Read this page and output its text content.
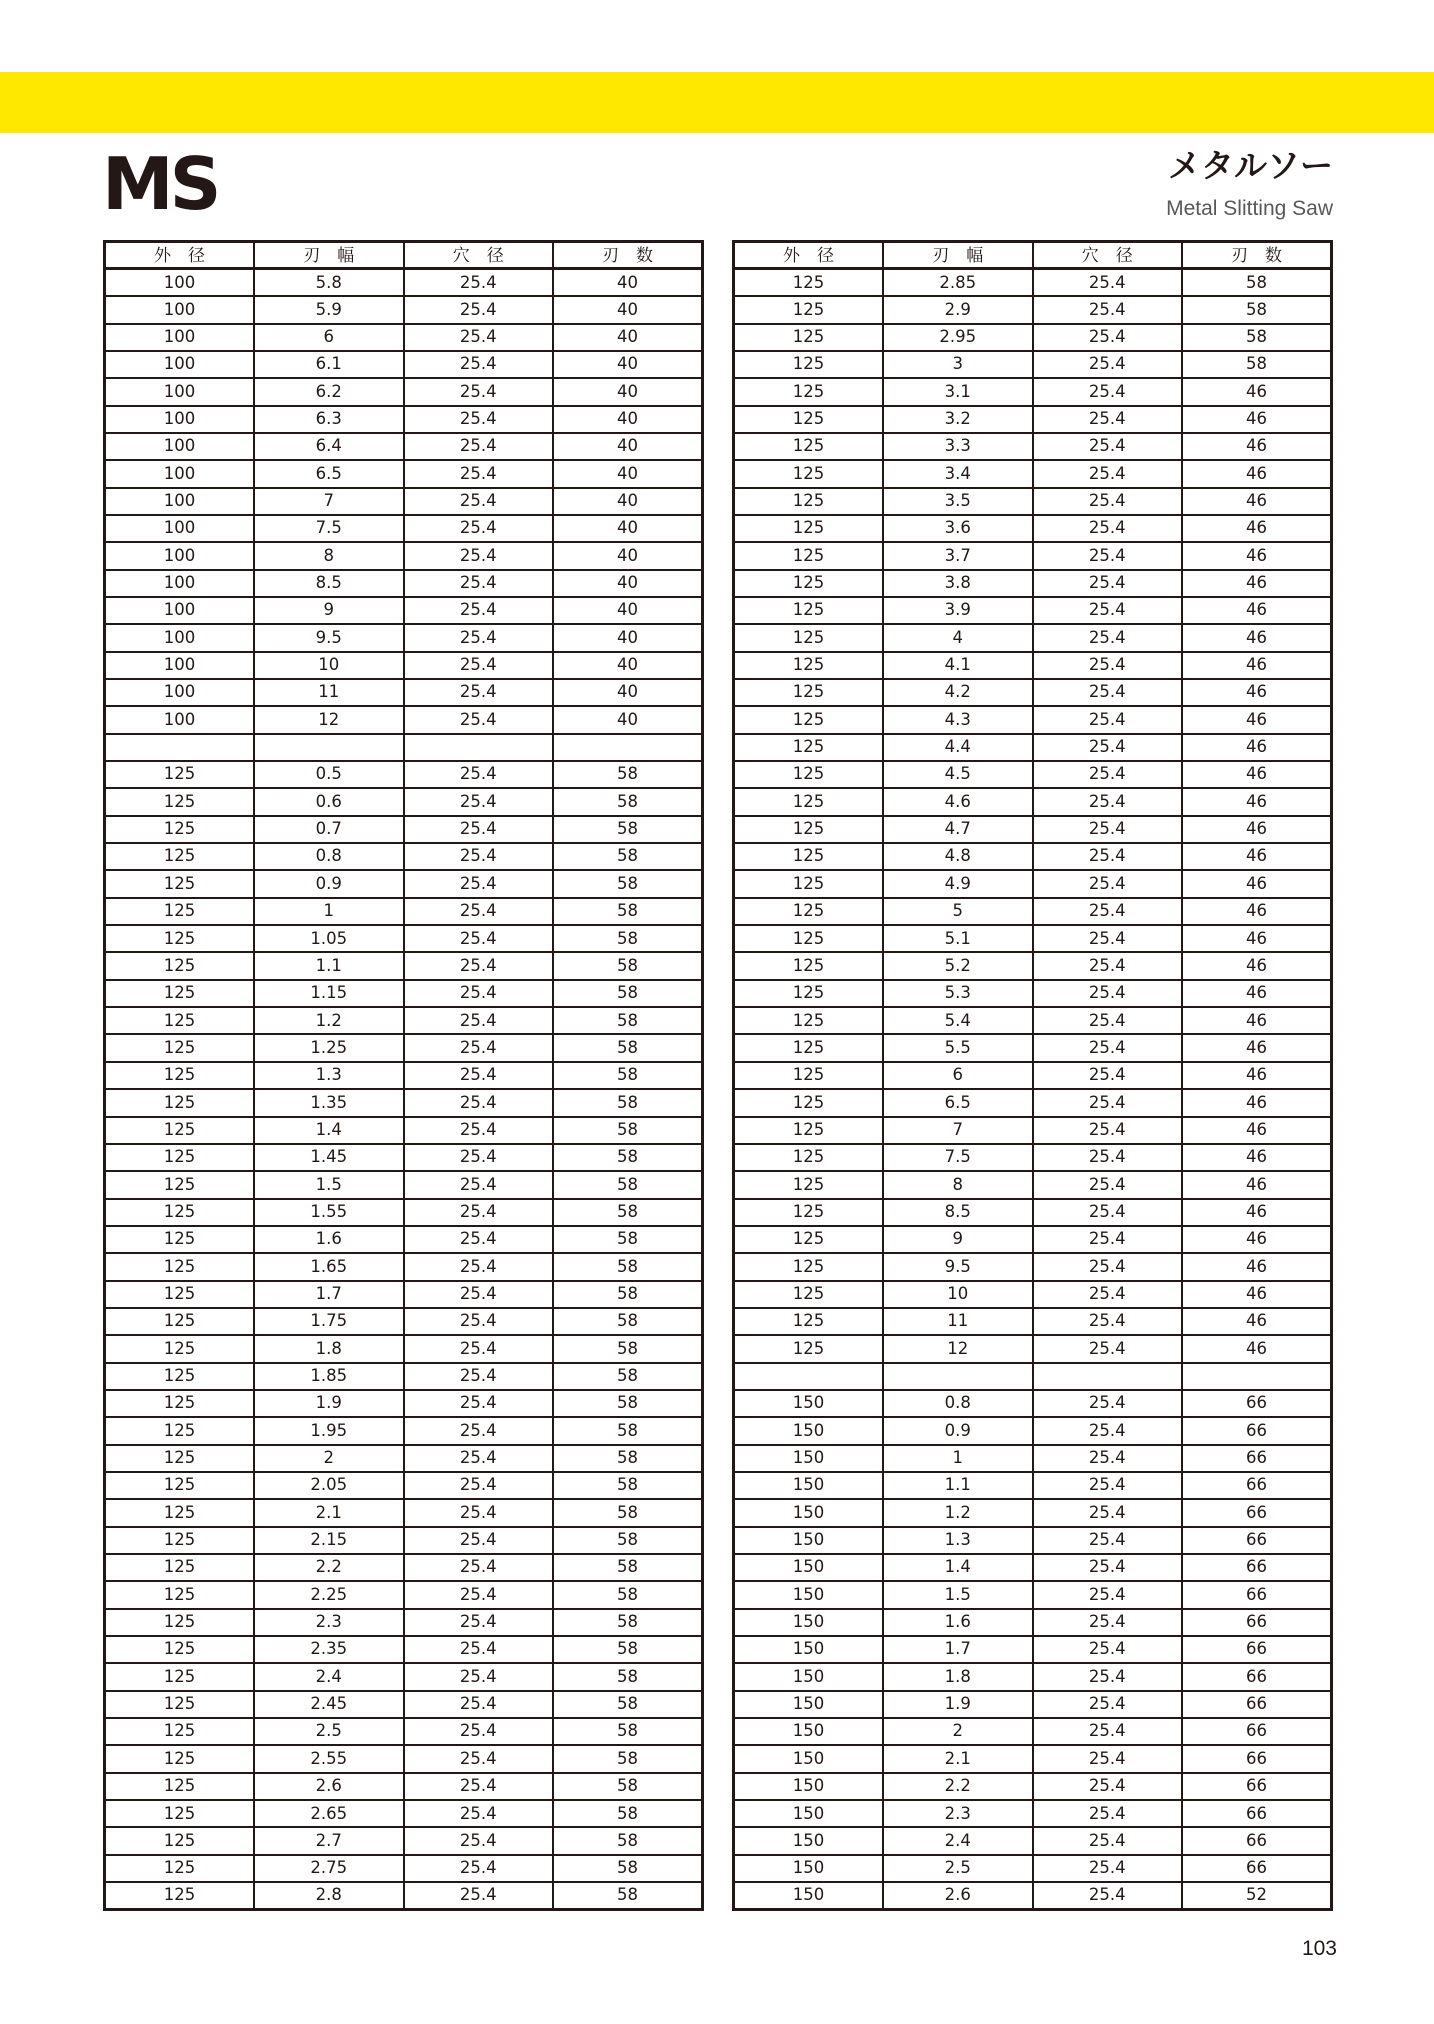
MS	メタルソー
Metal Slitting Saw
外　径	刃　幅	穴　径	刃　数
100	5.8	25.4	40
100	5.9	25.4	40
100	6	25.4	40
100	6.1	25.4	40
100	6.2	25.4	40
100	6.3	25.4	40
100	6.4	25.4	40
100	6.5	25.4	40
100	7	25.4	40
100	7.5	25.4	40
100	8	25.4	40
100	8.5	25.4	40
100	9	25.4	40
100	9.5	25.4	40
100	10	25.4	40
100	11	25.4	40
100	12	25.4	40

125	0.5	25.4	58
125	0.6	25.4	58
125	0.7	25.4	58
125	0.8	25.4	58
125	0.9	25.4	58
125	1	25.4	58
125	1.05	25.4	58
125	1.1	25.4	58
125	1.15	25.4	58
125	1.2	25.4	58
125	1.25	25.4	58
125	1.3	25.4	58
125	1.35	25.4	58
125	1.4	25.4	58
125	1.45	25.4	58
125	1.5	25.4	58
125	1.55	25.4	58
125	1.6	25.4	58
125	1.65	25.4	58
125	1.7	25.4	58
125	1.75	25.4	58
125	1.8	25.4	58
125	1.85	25.4	58
125	1.9	25.4	58
125	1.95	25.4	58
125	2	25.4	58
125	2.05	25.4	58
125	2.1	25.4	58
125	2.15	25.4	58
125	2.2	25.4	58
125	2.25	25.4	58
125	2.3	25.4	58
125	2.35	25.4	58
125	2.4	25.4	58
125	2.45	25.4	58
125	2.5	25.4	58
125	2.55	25.4	58
125	2.6	25.4	58
125	2.65	25.4	58
125	2.7	25.4	58
125	2.75	25.4	58
125	2.8	25.4	58
外　径	刃　幅	穴　径	刃　数
125	2.85	25.4	58
125	2.9	25.4	58
125	2.95	25.4	58
125	3	25.4	58
125	3.1	25.4	46
125	3.2	25.4	46
125	3.3	25.4	46
125	3.4	25.4	46
125	3.5	25.4	46
125	3.6	25.4	46
125	3.7	25.4	46
125	3.8	25.4	46
125	3.9	25.4	46
125	4	25.4	46
125	4.1	25.4	46
125	4.2	25.4	46
125	4.3	25.4	46
125	4.4	25.4	46
125	4.5	25.4	46
125	4.6	25.4	46
125	4.7	25.4	46
125	4.8	25.4	46
125	4.9	25.4	46
125	5	25.4	46
125	5.1	25.4	46
125	5.2	25.4	46
125	5.3	25.4	46
125	5.4	25.4	46
125	5.5	25.4	46
125	6	25.4	46
125	6.5	25.4	46
125	7	25.4	46
125	7.5	25.4	46
125	8	25.4	46
125	8.5	25.4	46
125	9	25.4	46
125	9.5	25.4	46
125	10	25.4	46
125	11	25.4	46
125	12	25.4	46

150	0.8	25.4	66
150	0.9	25.4	66
150	1	25.4	66
150	1.1	25.4	66
150	1.2	25.4	66
150	1.3	25.4	66
150	1.4	25.4	66
150	1.5	25.4	66
150	1.6	25.4	66
150	1.7	25.4	66
150	1.8	25.4	66
150	1.9	25.4	66
150	2	25.4	66
150	2.1	25.4	66
150	2.2	25.4	66
150	2.3	25.4	66
150	2.4	25.4	66
150	2.5	25.4	66
150	2.6	25.4	52
103
